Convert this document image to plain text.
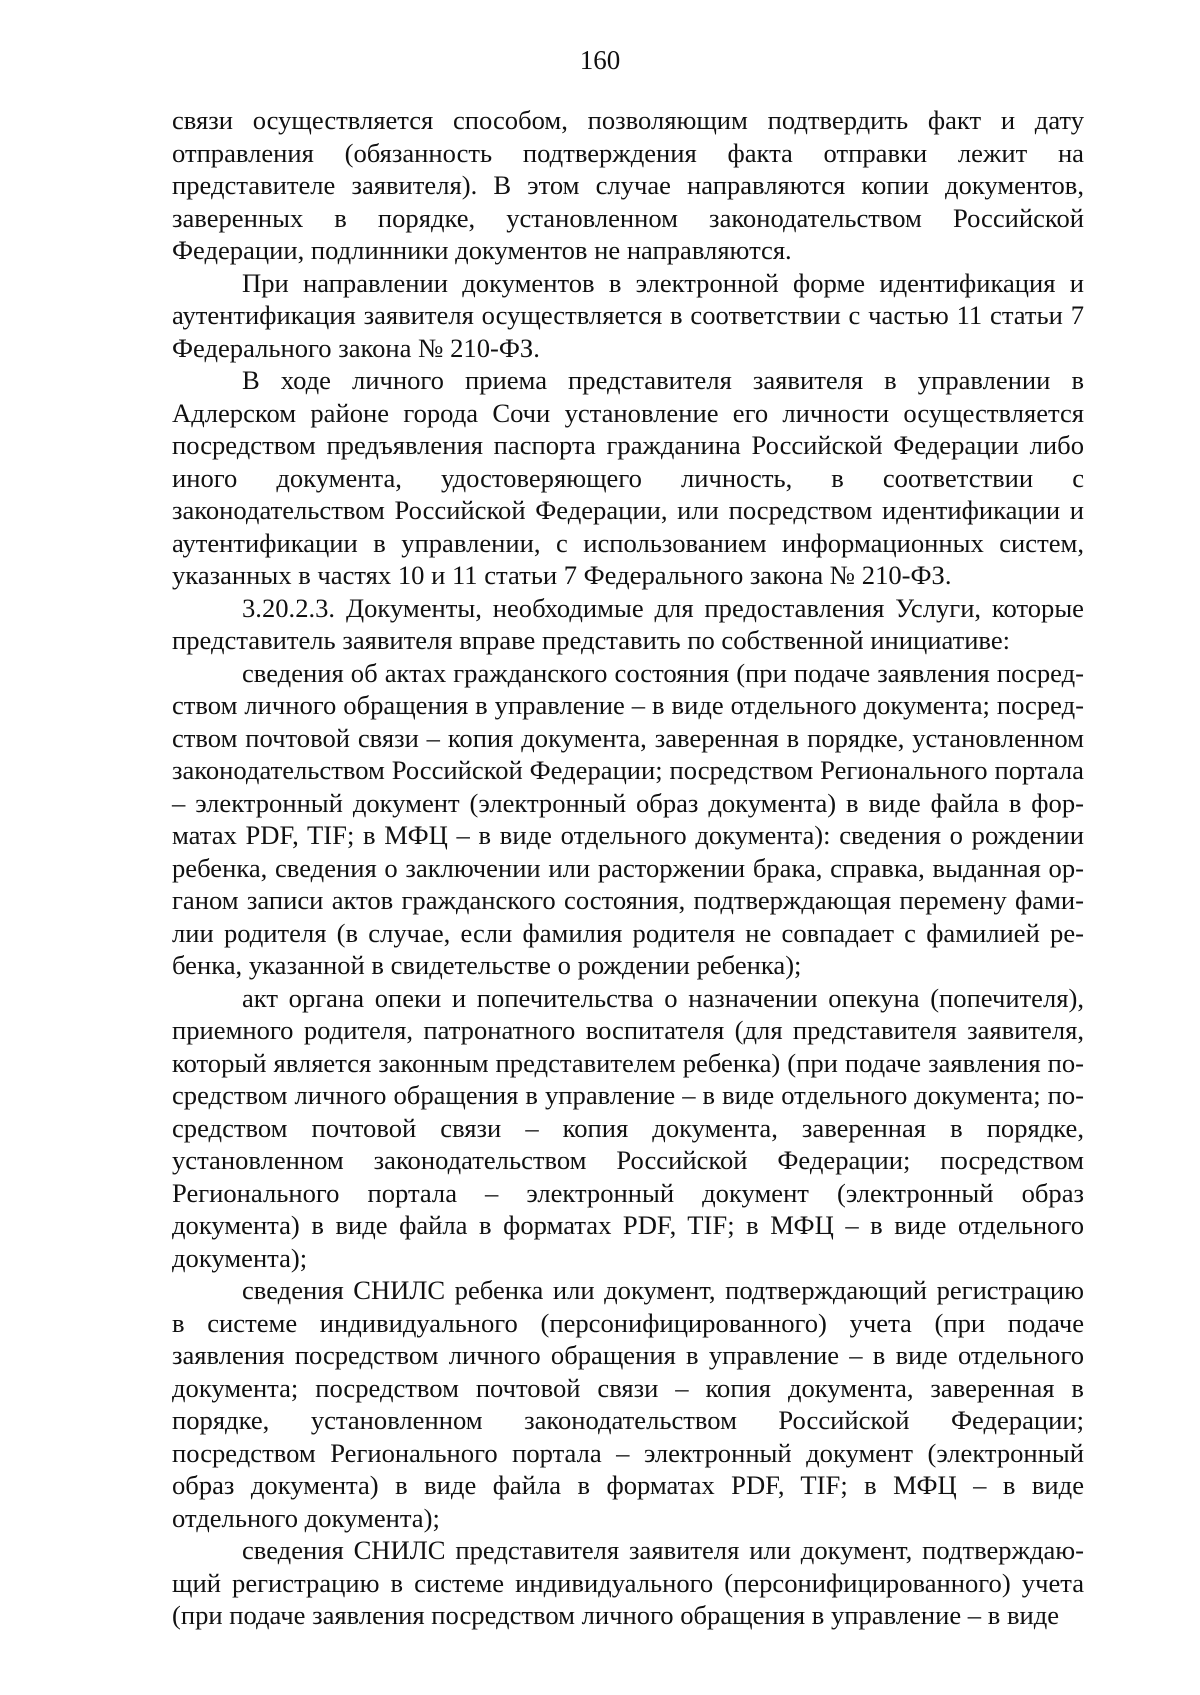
160

связи осуществляется способом, позволяющим подтвердить факт и дату отправления (обязанность подтверждения факта отправки лежит на представителе заявителя). В этом случае направляются копии документов, заверенных в порядке, установленном законодательством Российской Федерации, подлинники документов не направляются.

При направлении документов в электронной форме идентификация и аутентификация заявителя осуществляется в соответствии с частью 11 статьи 7 Федерального закона № 210-ФЗ.

В ходе личного приема представителя заявителя в управлении в Адлерском районе города Сочи установление его личности осуществляется посредством предъявления паспорта гражданина Российской Федерации либо иного документа, удостоверяющего личность, в соответствии с законодательством Российской Федерации, или посредством идентификации и аутентификации в управлении, с использованием информационных систем, указанных в частях 10 и 11 статьи 7 Федерального закона № 210-ФЗ.

3.20.2.3. Документы, необходимые для предоставления Услуги, которые представитель заявителя вправе представить по собственной инициативе:

сведения об актах гражданского состояния (при подаче заявления посредством личного обращения в управление – в виде отдельного документа; посредством почтовой связи – копия документа, заверенная в порядке, установленном законодательством Российской Федерации; посредством Регионального портала – электронный документ (электронный образ документа) в виде файла в форматах PDF, TIF; в МФЦ – в виде отдельного документа): сведения о рождении ребенка, сведения о заключении или расторжении брака, справка, выданная органом записи актов гражданского состояния, подтверждающая перемену фамилии родителя (в случае, если фамилия родителя не совпадает с фамилией ребенка, указанной в свидетельстве о рождении ребенка);

акт органа опеки и попечительства о назначении опекуна (попечителя), приемного родителя, патронатного воспитателя (для представителя заявителя, который является законным представителем ребенка) (при подаче заявления посредством личного обращения в управление – в виде отдельного документа; посредством почтовой связи – копия документа, заверенная в порядке, установленном законодательством Российской Федерации; посредством Регионального портала – электронный документ (электронный образ документа) в виде файла в форматах PDF, TIF; в МФЦ – в виде отдельного документа);

сведения СНИЛС ребенка или документ, подтверждающий регистрацию в системе индивидуального (персонифицированного) учета (при подаче заявления посредством личного обращения в управление – в виде отдельного документа; посредством почтовой связи – копия документа, заверенная в порядке, установленном законодательством Российской Федерации; посредством Регионального портала – электронный документ (электронный образ документа) в виде файла в форматах PDF, TIF; в МФЦ – в виде отдельного документа);

сведения СНИЛС представителя заявителя или документ, подтверждающий регистрацию в системе индивидуального (персонифицированного) учета (при подаче заявления посредством личного обращения в управление – в виде
